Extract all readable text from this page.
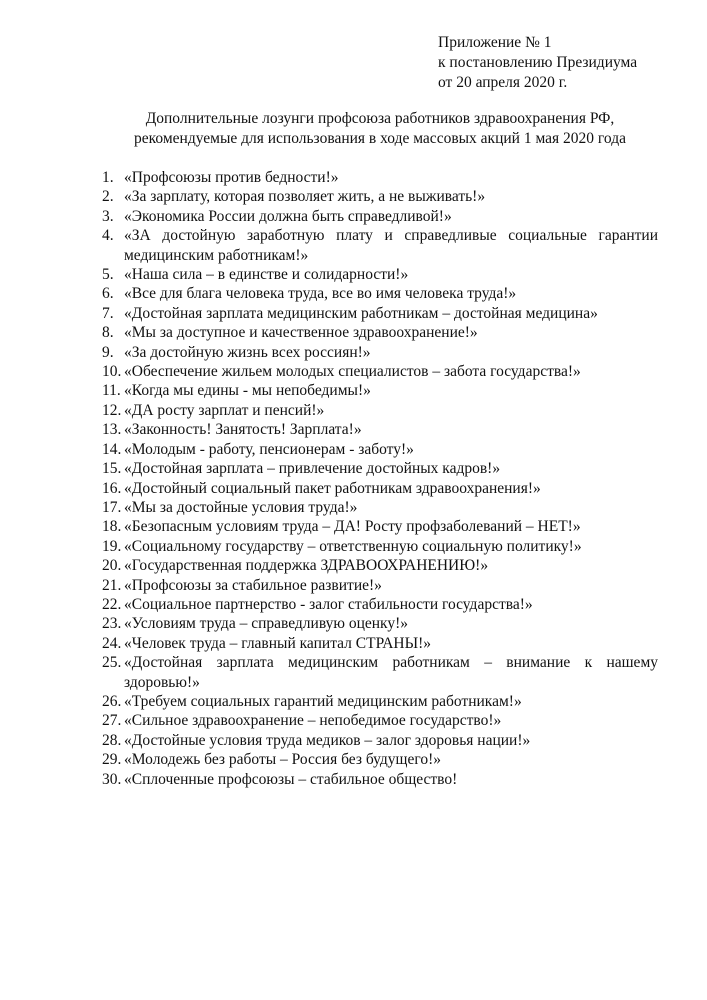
Приложение № 1
к постановлению Президиума
от 20 апреля 2020 г.
Дополнительные лозунги профсоюза работников здравоохранения РФ,
рекомендуемые для использования в ходе массовых акций 1 мая 2020 года
1. «Профсоюзы против бедности!»
2. «За зарплату, которая позволяет жить, а не выживать!»
3. «Экономика России должна быть справедливой!»
4. «ЗА достойную заработную плату и справедливые социальные гарантии медицинским работникам!»
5. «Наша сила – в единстве и солидарности!»
6. «Все для блага человека труда, все во имя человека труда!»
7. «Достойная зарплата медицинским работникам – достойная медицина»
8. «Мы за доступное и качественное здравоохранение!»
9. «За достойную жизнь всех россиян!»
10. «Обеспечение жильем молодых специалистов – забота государства!»
11. «Когда мы едины - мы непобедимы!»
12. «ДА росту зарплат и пенсий!»
13. «Законность! Занятость! Зарплата!»
14. «Молодым - работу, пенсионерам - заботу!»
15. «Достойная зарплата – привлечение достойных кадров!»
16. «Достойный социальный пакет работникам здравоохранения!»
17. «Мы за достойные условия труда!»
18. «Безопасным условиям труда – ДА! Росту профзаболеваний – НЕТ!»
19. «Социальному государству – ответственную социальную политику!»
20. «Государственная поддержка ЗДРАВООХРАНЕНИЮ!»
21. «Профсоюзы за стабильное развитие!»
22. «Социальное партнерство - залог стабильности государства!»
23. «Условиям труда – справедливую оценку!»
24. «Человек труда – главный капитал СТРАНЫ!»
25. «Достойная зарплата медицинским работникам – внимание к нашему здоровью!»
26. «Требуем социальных гарантий медицинским работникам!»
27. «Сильное здравоохранение – непобедимое государство!»
28. «Достойные условия труда медиков – залог здоровья нации!»
29. «Молодежь без работы – Россия без будущего!»
30. «Сплоченные профсоюзы – стабильное общество!
